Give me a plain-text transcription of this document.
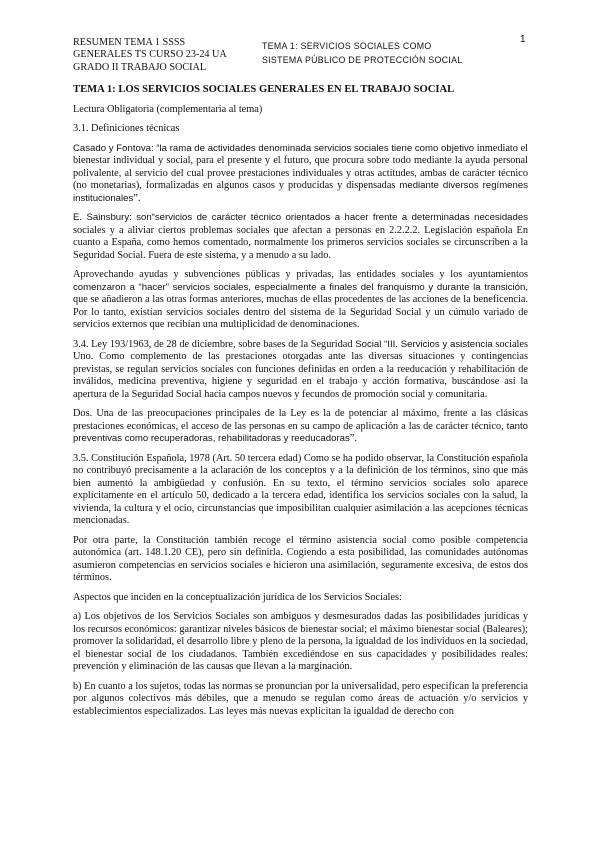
RESUMEN TEMA 1 SSSS
GENERALES TS CURSO 23-24 UA
GRADO II TRABAJO SOCIAL
TEMA 1: SERVICIOS SOCIALES COMO
SISTEMA PÚBLICO DE PROTECCIÓN SOCIAL
1
TEMA 1: LOS SERVICIOS SOCIALES GENERALES EN EL TRABAJO SOCIAL

Lectura Obligatoria (complementaria al tema)

3.1. Definiciones técnicas

Casado y Fontova: “la rama de actividades denominada servicios sociales tiene como objetivo inmediato el bienestar individual y social, para el presente y el futuro, que procura sobre todo mediante la ayuda personal polivalente, al servicio del cual provee prestaciones individuales y otras actitudes, ambas de carácter técnico (no monetarias), formalizadas en algunos casos y producidas y dispensadas mediante diversos regímenes institucionales”.

E. Sainsbury: son“servicios de carácter técnico orientados a hacer frente a determinadas necesidades sociales y a aliviar ciertos problemas sociales que afectan a personas en 2.2.2.2. Legislación española En cuanto a España, como hemos comentado, normalmente los primeros servicios sociales se circunscriben a la Seguridad Social. Fuera de este sistema, y a menudo a su lado.

Aprovechando ayudas y subvenciones públicas y privadas, las entidades sociales y los ayuntamientos comenzaron a “hacer” servicios sociales, especialmente a finales del franquismo y durante la transición, que se añadieron a las otras formas anteriores, muchas de ellas procedentes de las acciones de la beneficencia. Por lo tanto, existían servicios sociales dentro del sistema de la Seguridad Social y un cúmulo variado de servicios externos que recibían una multiplicidad de denominaciones.

3.4. Ley 193/1963, de 28 de diciembre, sobre bases de la Seguridad Social “III. Servicios y asistencia sociales Uno. Como complemento de las prestaciones otorgadas ante las diversas situaciones y contingencias previstas, se regulan servicios sociales con funciones definidas en orden a la reeducación y rehabilitación de inválidos, medicina preventiva, higiene y seguridad en el trabajo y acción formativa, buscándose así la apertura de la Seguridad Social hacia campos nuevos y fecundos de promoción social y comunitaria.

Dos. Una de las preocupaciones principales de la Ley es la de potenciar al máximo, frente a las clásicas prestaciones económicas, el acceso de las personas en su campo de aplicación a las de carácter técnico, tanto preventivas como recuperadoras, rehabilitadoras y reeducadoras”.

3.5. Constitución Española, 1978 (Art. 50 tercera edad) Como se ha podido observar, la Constitución española no contribuyó precisamente a la aclaración de los conceptos y a la definición de los términos, sino que más bien aumentó la ambigüedad y confusión. En su texto, el término servicios sociales solo aparece explícitamente en el artículo 50, dedicado a la tercera edad, identifica los servicios sociales con la salud, la vivienda, la cultura y el ocio, circunstancias que imposibilitan cualquier asimilación a las acepciones técnicas mencionadas.

Por otra parte, la Constitución también recoge el término asistencia social como posible competencia autonómica (art. 148.1.20 CE), pero sin definirla. Cogiendo a esta posibilidad, las comunidades autónomas asumieron competencias en servicios sociales e hicieron una asimilación, seguramente excesiva, de estos dos términos.

Aspectos que inciden en la conceptualización jurídica de los Servicios Sociales:

a) Los objetivos de los Servicios Sociales son ambiguos y desmesurados dadas las posibilidades jurídicas y los recursos económicos: garantizar niveles básicos de bienestar social; el máximo bienestar social (Baleares); promover la solidaridad, el desarrollo libre y pleno de la persona, la igualdad de los individuos en la sociedad, el bienestar social de los ciudadanos. También excediéndose en sus capacidades y posibilidades reales: prevención y eliminación de las causas que llevan a la marginación.

b) En cuanto a los sujetos, todas las normas se pronuncian por la universalidad, pero especifican la preferencia por algunos colectivos más débiles, que a menudo se regulan como áreas de actuación y/o servicios y establecimientos especializados. Las leyes más nuevas explicitan la igualdad de derecho con
